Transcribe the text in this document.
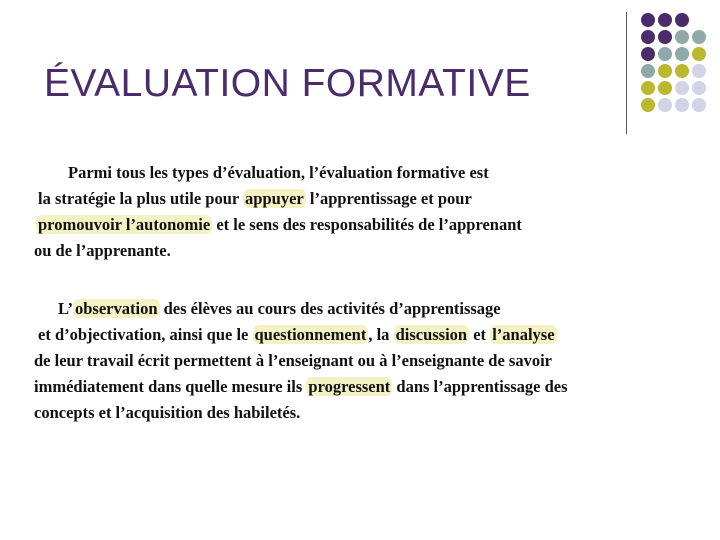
ÉVALUATION FORMATIVE
Parmi tous les types d’évaluation, l’évaluation formative est
la stratégie la plus utile pour appuyer l’apprentissage et pour
promouvoir l’autonomie et le sens des responsabilités de l’apprenant
ou de l’apprenante.
L’ observation des élèves au cours des activités d’apprentissage
et d’objectivation, ainsi que le questionnement , la discussion et l’analyse
de leur travail écrit permettent à l’enseignant ou à l’enseignante de savoir
immédiatement dans quelle mesure ils progressent dans l’apprentissage des
concepts et l’acquisition des habiletés.
